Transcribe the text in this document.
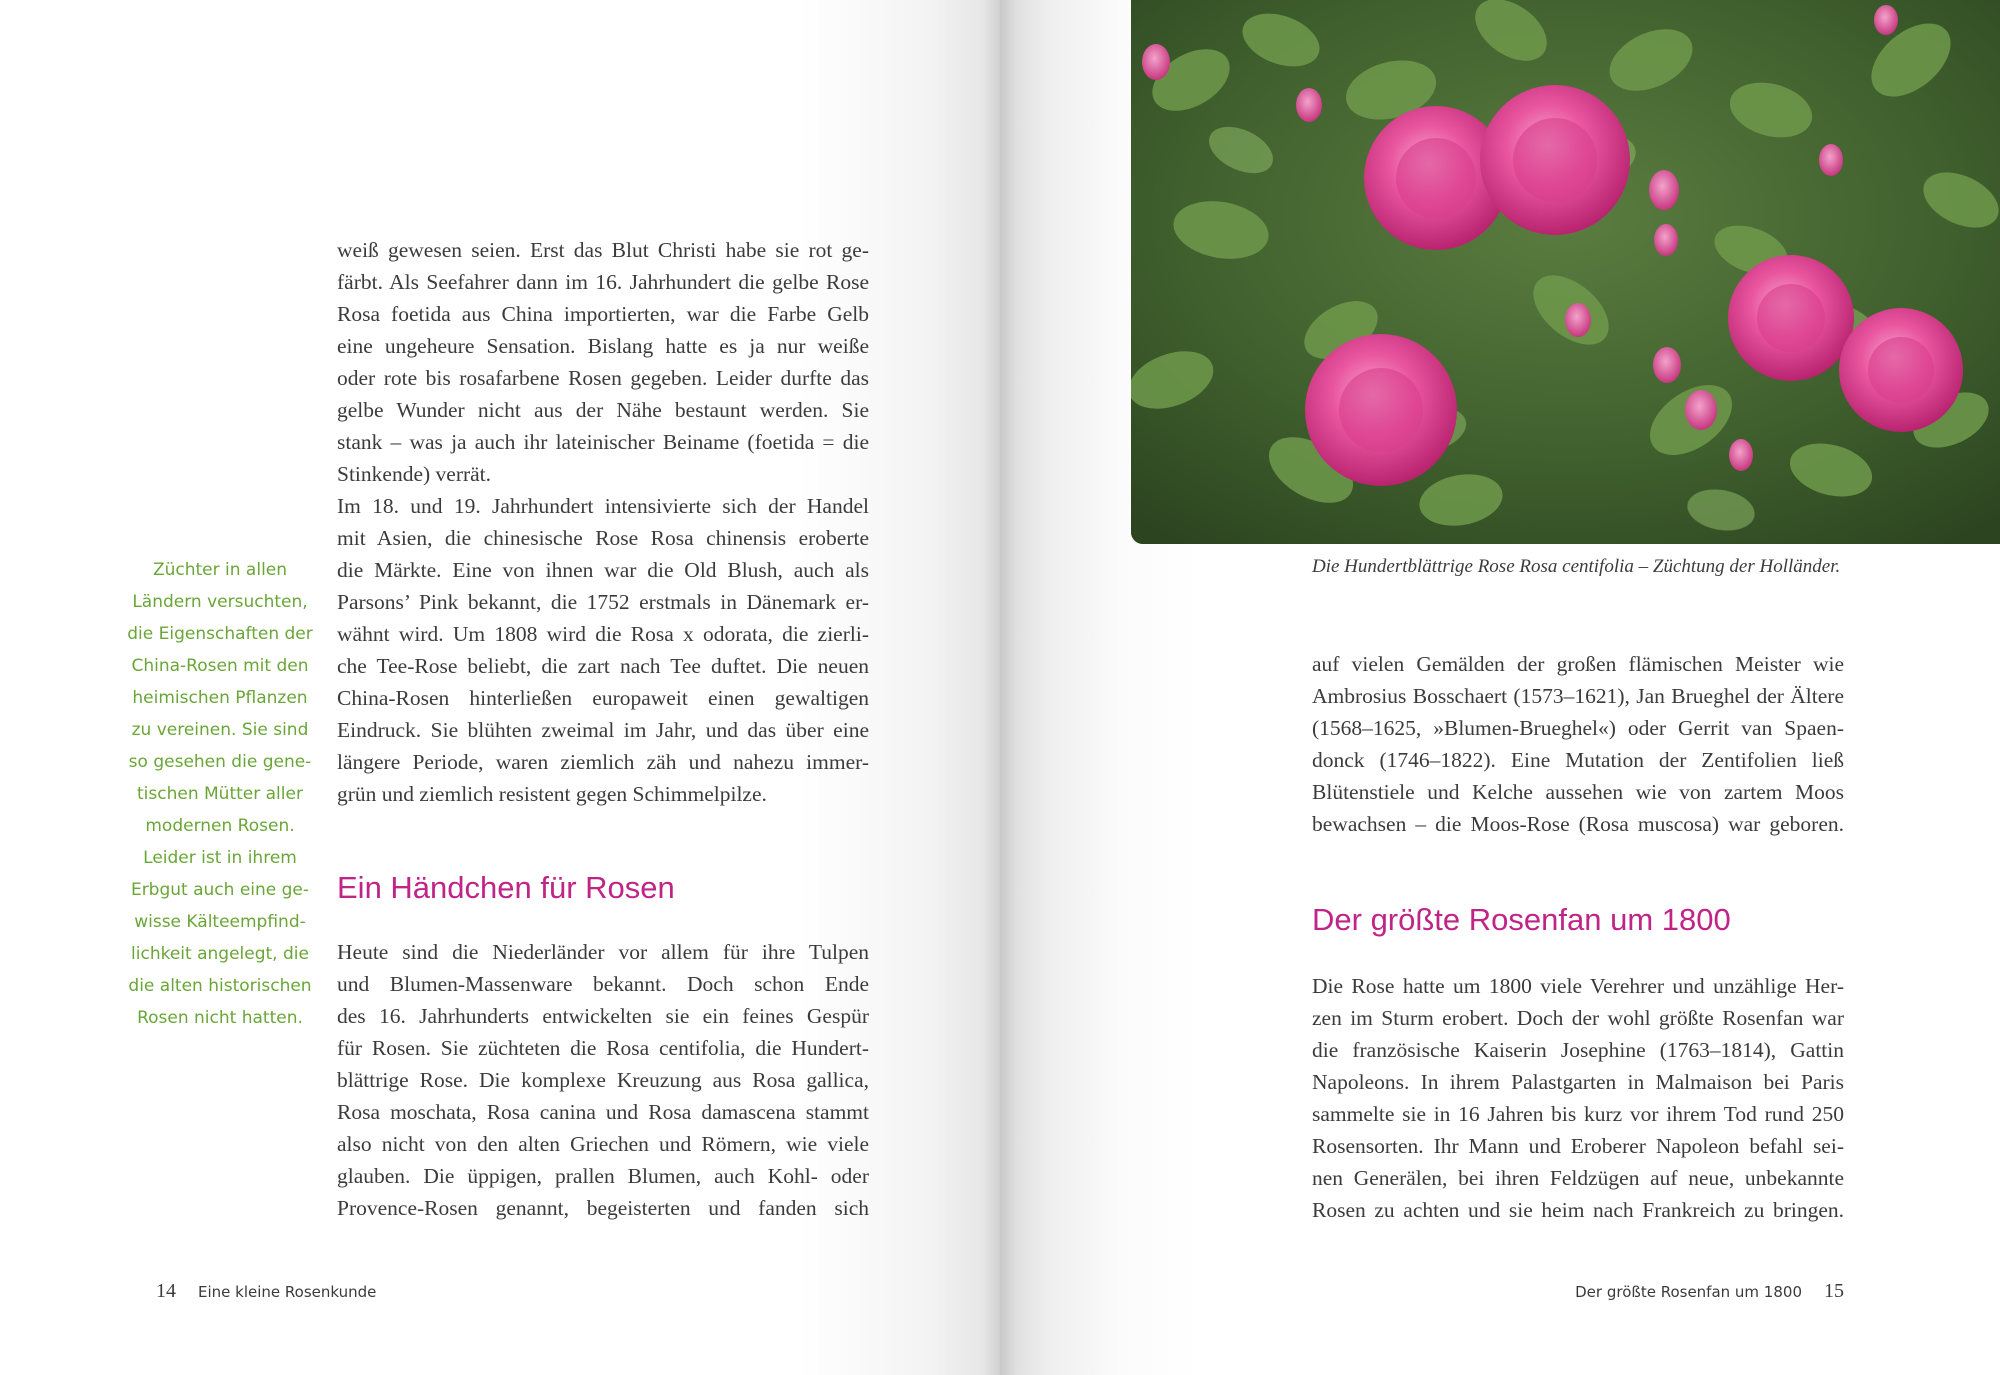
weiß gewesen seien. Erst das Blut Christi habe sie rot ge-
färbt. Als Seefahrer dann im 16. Jahrhundert die gelbe Rose
Rosa foetida aus China importierten, war die Farbe Gelb
eine ungeheure Sensation. Bislang hatte es ja nur weiße
oder rote bis rosafarbene Rosen gegeben. Leider durfte das
gelbe Wunder nicht aus der Nähe bestaunt werden. Sie
stank – was ja auch ihr lateinischer Beiname (foetida = die
Stinkende) verrät.
Im 18. und 19. Jahrhundert intensivierte sich der Handel
mit Asien, die chinesische Rose Rosa chinensis eroberte
die Märkte. Eine von ihnen war die Old Blush, auch als
Parsons’ Pink bekannt, die 1752 erstmals in Dänemark er-
wähnt wird. Um 1808 wird die Rosa x odorata, die zierli-
che Tee-Rose beliebt, die zart nach Tee duftet. Die neuen
China-Rosen hinterließen europaweit einen gewaltigen
Eindruck. Sie blühten zweimal im Jahr, und das über eine
längere Periode, waren ziemlich zäh und nahezu immer-
grün und ziemlich resistent gegen Schimmelpilze.
Ein Händchen für Rosen
Heute sind die Niederländer vor allem für ihre Tulpen
und Blumen-Massenware bekannt. Doch schon Ende
des 16. Jahrhunderts entwickelten sie ein feines Gespür
für Rosen. Sie züchteten die Rosa centifolia, die Hundert-
blättrige Rose. Die komplexe Kreuzung aus Rosa gallica,
Rosa moschata, Rosa canina und Rosa damascena stammt
also nicht von den alten Griechen und Römern, wie viele
glauben. Die üppigen, prallen Blumen, auch Kohl- oder
Provence-Rosen genannt, begeisterten und fanden sich
Züchter in allen
Ländern versuchten,
die Eigenschaften der
China-Rosen mit den
heimischen Pflanzen
zu vereinen. Sie sind
so gesehen die gene-
tischen Mütter aller
modernen Rosen.
Leider ist in ihrem
Erbgut auch eine ge-
wisse Kälteempfind-
lichkeit angelegt, die
die alten historischen
Rosen nicht hatten.
14 Eine kleine Rosenkunde
Die Hundertblättrige Rose Rosa centifolia – Züchtung der Holländer.
auf vielen Gemälden der großen flämischen Meister wie
Ambrosius Bosschaert (1573–1621), Jan Brueghel der Ältere
(1568–1625, »Blumen-Brueghel«) oder Gerrit van Spaen-
donck (1746–1822). Eine Mutation der Zentifolien ließ
Blütenstiele und Kelche aussehen wie von zartem Moos
bewachsen – die Moos-Rose (Rosa muscosa) war geboren.
Der größte Rosenfan um 1800
Die Rose hatte um 1800 viele Verehrer und unzählige Her-
zen im Sturm erobert. Doch der wohl größte Rosenfan war
die französische Kaiserin Josephine (1763–1814), Gattin
Napoleons. In ihrem Palastgarten in Malmaison bei Paris
sammelte sie in 16 Jahren bis kurz vor ihrem Tod rund 250
Rosensorten. Ihr Mann und Eroberer Napoleon befahl sei-
nen Generälen, bei ihren Feldzügen auf neue, unbekannte
Rosen zu achten und sie heim nach Frankreich zu bringen.
Der größte Rosenfan um 1800 15
